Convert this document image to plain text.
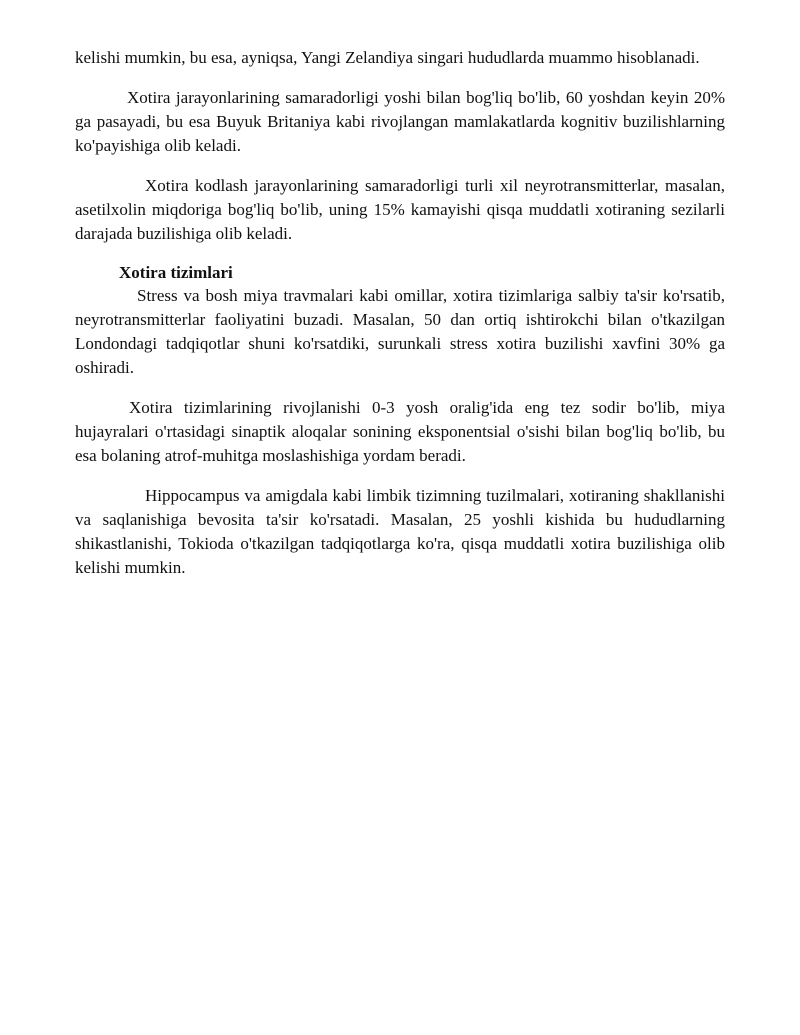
kelishi mumkin, bu esa, ayniqsa, Yangi Zelandiya singari hududlarda muammo hisoblanadi.

Xotira jarayonlarining samaradorligi yoshi bilan bog'liq bo'lib, 60 yoshdan keyin 20% ga pasayadi, bu esa Buyuk Britaniya kabi rivojlangan mamlakatlarda kognitiv buzilishlarning ko'payishiga olib keladi.

Xotira kodlash jarayonlarining samaradorligi turli xil neyrotransmitterlar, masalan, asetilxolin miqdoriga bog'liq bo'lib, uning 15% kamayishi qisqa muddatli xotiraning sezilarli darajada buzilishiga olib keladi.

Xotira tizimlari

Stress va bosh miya travmalari kabi omillar, xotira tizimlariga salbiy ta'sir ko'rsatib, neyrotransmitterlar faoliyatini buzadi. Masalan, 50 dan ortiq ishtirokchi bilan o'tkazilgan Londondagi tadqiqotlar shuni ko'rsatdiki, surunkali stress xotira buzilishi xavfini 30% ga oshiradi.

Xotira tizimlarining rivojlanishi 0-3 yosh oralig'ida eng tez sodir bo'lib, miya hujayralari o'rtasidagi sinaptik aloqalar sonining eksponentsial o'sishi bilan bog'liq bo'lib, bu esa bolaning atrof-muhitga moslashishiga yordam beradi.

Hippocampus va amigdala kabi limbik tizimning tuzilmalari, xotiraning shakllanishi va saqlanishiga bevosita ta'sir ko'rsatadi. Masalan, 25 yoshli kishida bu hududlarning shikastlanishi, Tokioda o'tkazilgan tadqiqotlarga ko'ra, qisqa muddatli xotira buzilishiga olib kelishi mumkin.
